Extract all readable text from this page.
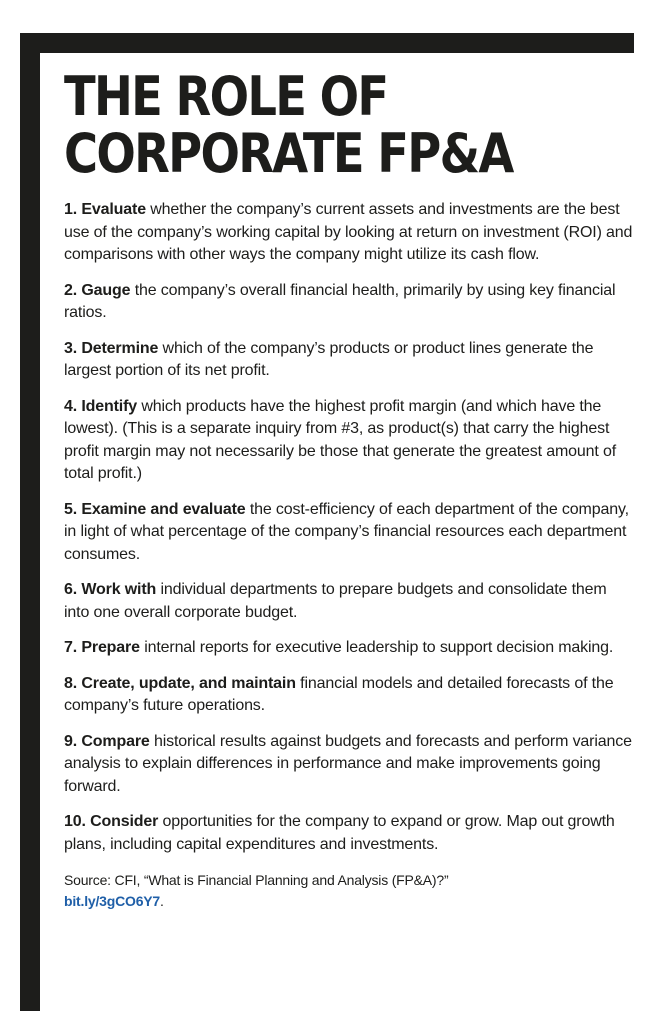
THE ROLE OF
CORPORATE FP&A
1. Evaluate whether the company’s current assets and investments are the best use of the company’s working capital by looking at return on investment (ROI) and comparisons with other ways the company might utilize its cash flow.
2. Gauge the company’s overall financial health, primarily by using key financial ratios.
3. Determine which of the company’s products or product lines generate the largest portion of its net profit.
4. Identify which products have the highest profit margin (and which have the lowest). (This is a separate inquiry from #3, as product(s) that carry the highest profit margin may not necessarily be those that generate the greatest amount of total profit.)
5. Examine and evaluate the cost-efficiency of each department of the company, in light of what percentage of the company’s financial resources each department consumes.
6. Work with individual departments to prepare budgets and consolidate them into one overall corporate budget.
7. Prepare internal reports for executive leadership to support decision making.
8. Create, update, and maintain financial models and detailed forecasts of the company’s future operations.
9. Compare historical results against budgets and forecasts and perform variance analysis to explain differences in performance and make improvements going forward.
10. Consider opportunities for the company to expand or grow. Map out growth plans, including capital expenditures and investments.
Source: CFI, “What is Financial Planning and Analysis (FP&A)?”
bit.ly/3gCO6Y7.
